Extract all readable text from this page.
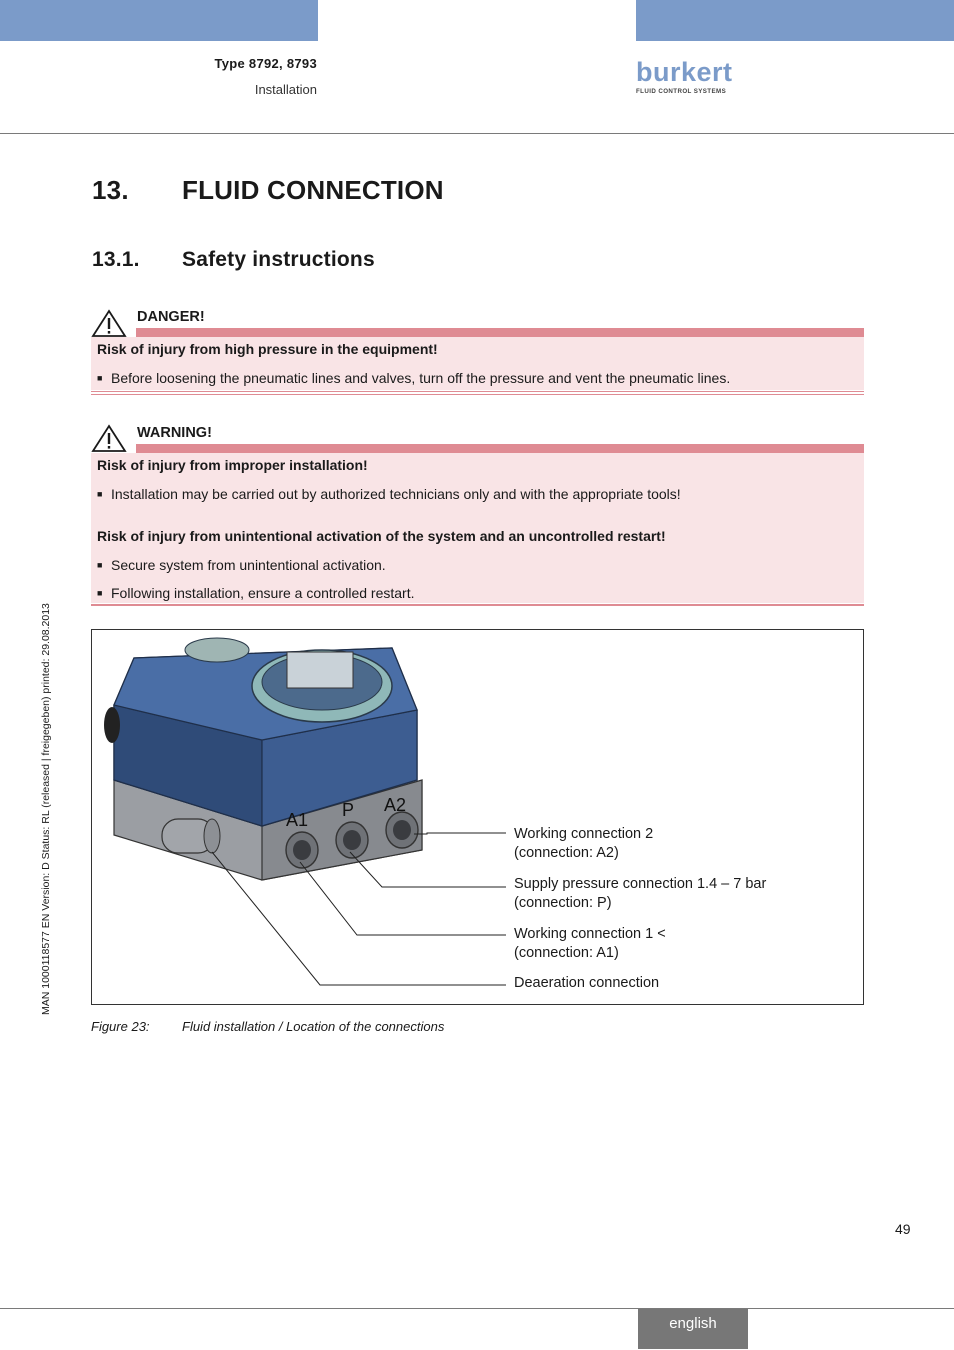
Type 8792, 8793
Installation
burkert
FLUID CONTROL SYSTEMS
MAN 1000118577 EN Version: D Status: RL (released | freigegeben) printed: 29.08.2013
13. FLUID CONNECTION
13.1. Safety instructions
DANGER!
Risk of injury from high pressure in the equipment!
■ Before loosening the pneumatic lines and valves, turn off the pressure and vent the pneumatic lines.
WARNING!
Risk of injury from improper installation!
■ Installation may be carried out by authorized technicians only and with the appropriate tools!
Risk of injury from unintentional activation of the system and an uncontrolled restart!
■ Secure system from unintentional activation.
■ Following installation, ensure a controlled restart.
A1 P A2
Working connection 2
(connection: A2)
Supply pressure connection 1.4 – 7 bar
(connection: P)
Working connection 1 <
(connection: A1)
Deaeration connection
Figure 23: Fluid installation / Location of the connections
49
english
